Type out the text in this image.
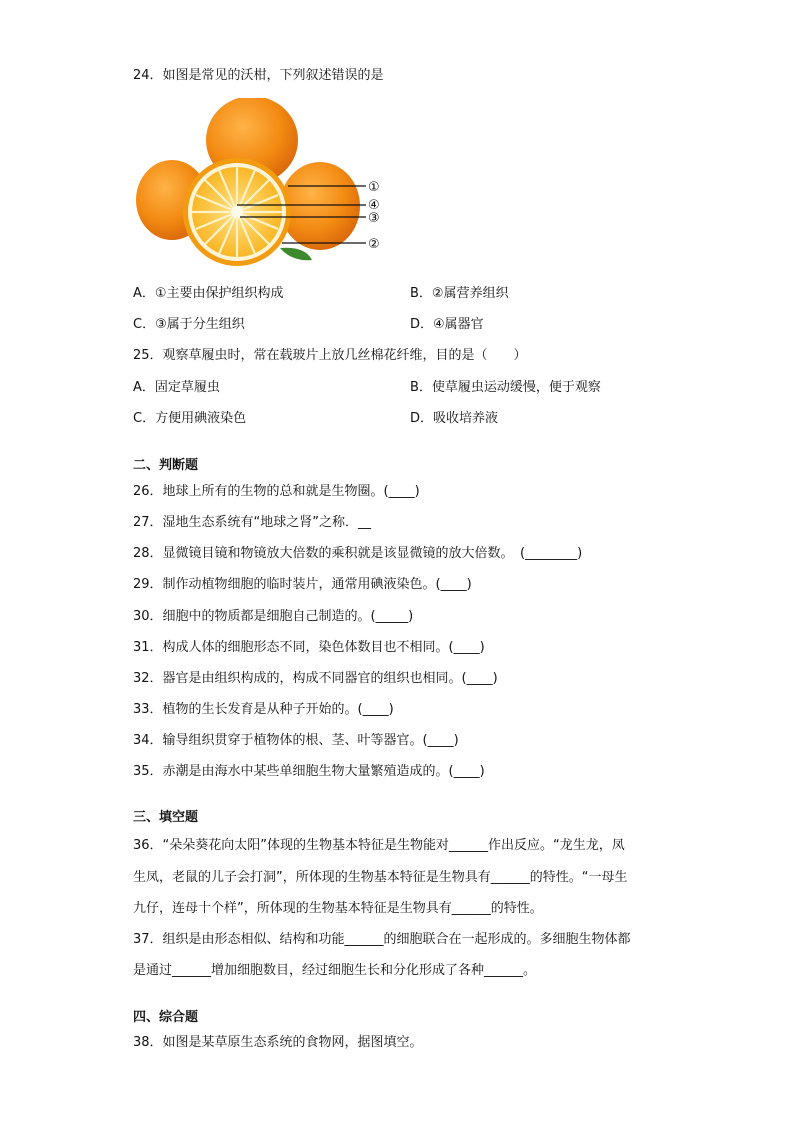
24．如图是常见的沃柑，下列叙述错误的是
①
④
③
②
A．①主要由保护组织构成	B．②属营养组织
C．③属于分生组织	D．④属器官
25．观察草履虫时，常在载玻片上放几丝棉花纤维，目的是（　　）
A．固定草履虫	B．使草履虫运动缓慢，便于观察
C．方便用碘液染色	D．吸收培养液
二、判断题
26．地球上所有的生物的总和就是生物圈。(____)
27．湿地生态系统有“地球之肾”之称．__
28．显微镜目镜和物镜放大倍数的乘积就是该显微镜的放大倍数。　(________)
29．制作动植物细胞的临时装片，通常用碘液染色。(____)
30．细胞中的物质都是细胞自己制造的。(_____)
31．构成人体的细胞形态不同，染色体数目也不相同。(____)
32．器官是由组织构成的，构成不同器官的组织也相同。(____)
33．植物的生长发育是从种子开始的。(____)
34．输导组织贯穿于植物体的根、茎、叶等器官。(____)
35．赤潮是由海水中某些单细胞生物大量繁殖造成的。(____)
三、填空题
36．“朵朵葵花向太阳”体现的生物基本特征是生物能对______作出反应。“龙生龙，凤
生凤，老鼠的儿子会打洞”，所体现的生物基本特征是生物具有______的特性。“一母生
九仔，连母十个样”，所体现的生物基本特征是生物具有______的特性。
37．组织是由形态相似、结构和功能______的细胞联合在一起形成的。多细胞生物体都
是通过______增加细胞数目，经过细胞生长和分化形成了各种______。
四、综合题
38．如图是某草原生态系统的食物网，据图填空。
